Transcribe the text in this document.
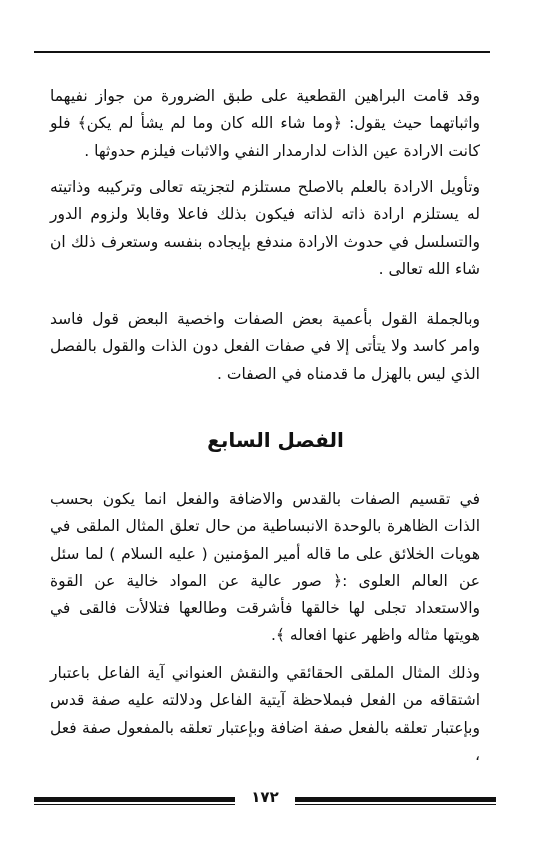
وقد قامت البراهين القطعية على طبق الضرورة من جواز نفيهما واثباتهما حيث يقول: ﴿وما شاء الله كان وما لم يشأ لم يكن﴾ فلو كانت الارادة عين الذات لدارمدار النفي والاثبات فيلزم حدوثها .

وتأويل الارادة بالعلم بالاصلح مستلزم لتجزيته تعالى وتركيبه وذاتيته له يستلزم ارادة ذاته لذاته فيكون بذلك فاعلا وقابلا ولزوم الدور والتسلسل في حدوث الارادة مندفع بإيجاده بنفسه وستعرف ذلك ان شاء الله تعالى .

وبالجملة القول بأعمية بعض الصفات واخصية البعض قول فاسد وامر كاسد ولا يتأتى إلا في صفات الفعل دون الذات والقول بالفصل الذي ليس بالهزل ما قدمناه في الصفات .

الفصل السابع

في تقسيم الصفات بالقدس والاضافة والفعل انما يكون بحسب الذات الظاهرة بالوحدة الانبساطية من حال تعلق المثال الملقى في هويات الخلائق على ما قاله أمير المؤمنين ( عليه السلام ) لما سئل عن العالم العلوى :﴿ صور عالية عن المواد خالية عن القوة والاستعداد تجلى لها خالقها فأشرقت وطالعها فتلالأت فالقى في هويتها مثاله واظهر عنها افعاله ﴾.

وذلك المثال الملقى الحقائقي والنقش العنواني آية الفاعل باعتبار اشتقاقه من الفعل فبملاحظة آيتية الفاعل ودلالته عليه صفة قدس وبإعتبار تعلقه بالفعل صفة اضافة وبإعتبار تعلقه بالمفعول صفة فعل ،

١٧٢
